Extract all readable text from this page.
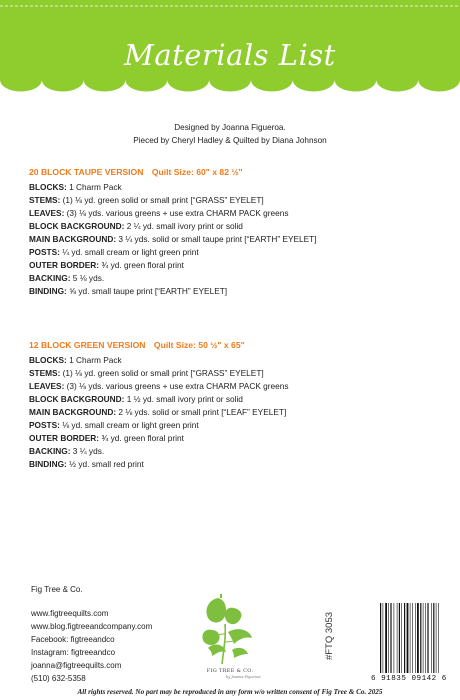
Materials List
Designed by Joanna Figueroa.
Pieced by Cheryl Hadley & Quilted by Diana Johnson
20 BLOCK TAUPE VERSION Quilt Size: 60" x 82 ½"
BLOCKS: 1 Charm Pack
STEMS: (1) ⅛ yd. green solid or small print [“GRASS” EYELET]
LEAVES: (3) ⅛ yds. various greens + use extra CHARM PACK greens
BLOCK BACKGROUND: 2 ¼ yd. small ivory print or solid
MAIN BACKGROUND: 3 ¼ yds. solid or small taupe print [“EARTH” EYELET]
POSTS: ¼ yd. small cream or light green print
OUTER BORDER: ¾ yd. green floral print
BACKING: 5 ⅛ yds.
BINDING: ⅝ yd. small taupe print [“EARTH” EYELET]
12 BLOCK GREEN VERSION Quilt Size: 50 ½" x 65"
BLOCKS: 1 Charm Pack
STEMS: (1) ⅛ yd. green solid or small print [“GRASS” EYELET]
LEAVES: (3) ⅛ yds. various greens + use extra CHARM PACK greens
BLOCK BACKGROUND: 1 ½ yd. small ivory print or solid
MAIN BACKGROUND: 2 ⅛ yds. solid or small print [“LEAF” EYELET]
POSTS: ⅛ yd. small cream or light green print
OUTER BORDER: ¾ yd. green floral print
BACKING: 3 ¼ yds.
BINDING: ½ yd. small red print
Fig Tree & Co.
www.figtreequilts.com
www.blog.figtreeandcompany.com
Facebook: figtreeandco
Instagram: figtreeandco
joanna@figtreequilts.com
(510) 632-5358
FIG TREE & CO.
by Joanna Figueroa
#FTQ 3053
6 91835 09142 6
All rights reserved. No part may be reproduced in any form w/o written consent of Fig Tree & Co. 2025
